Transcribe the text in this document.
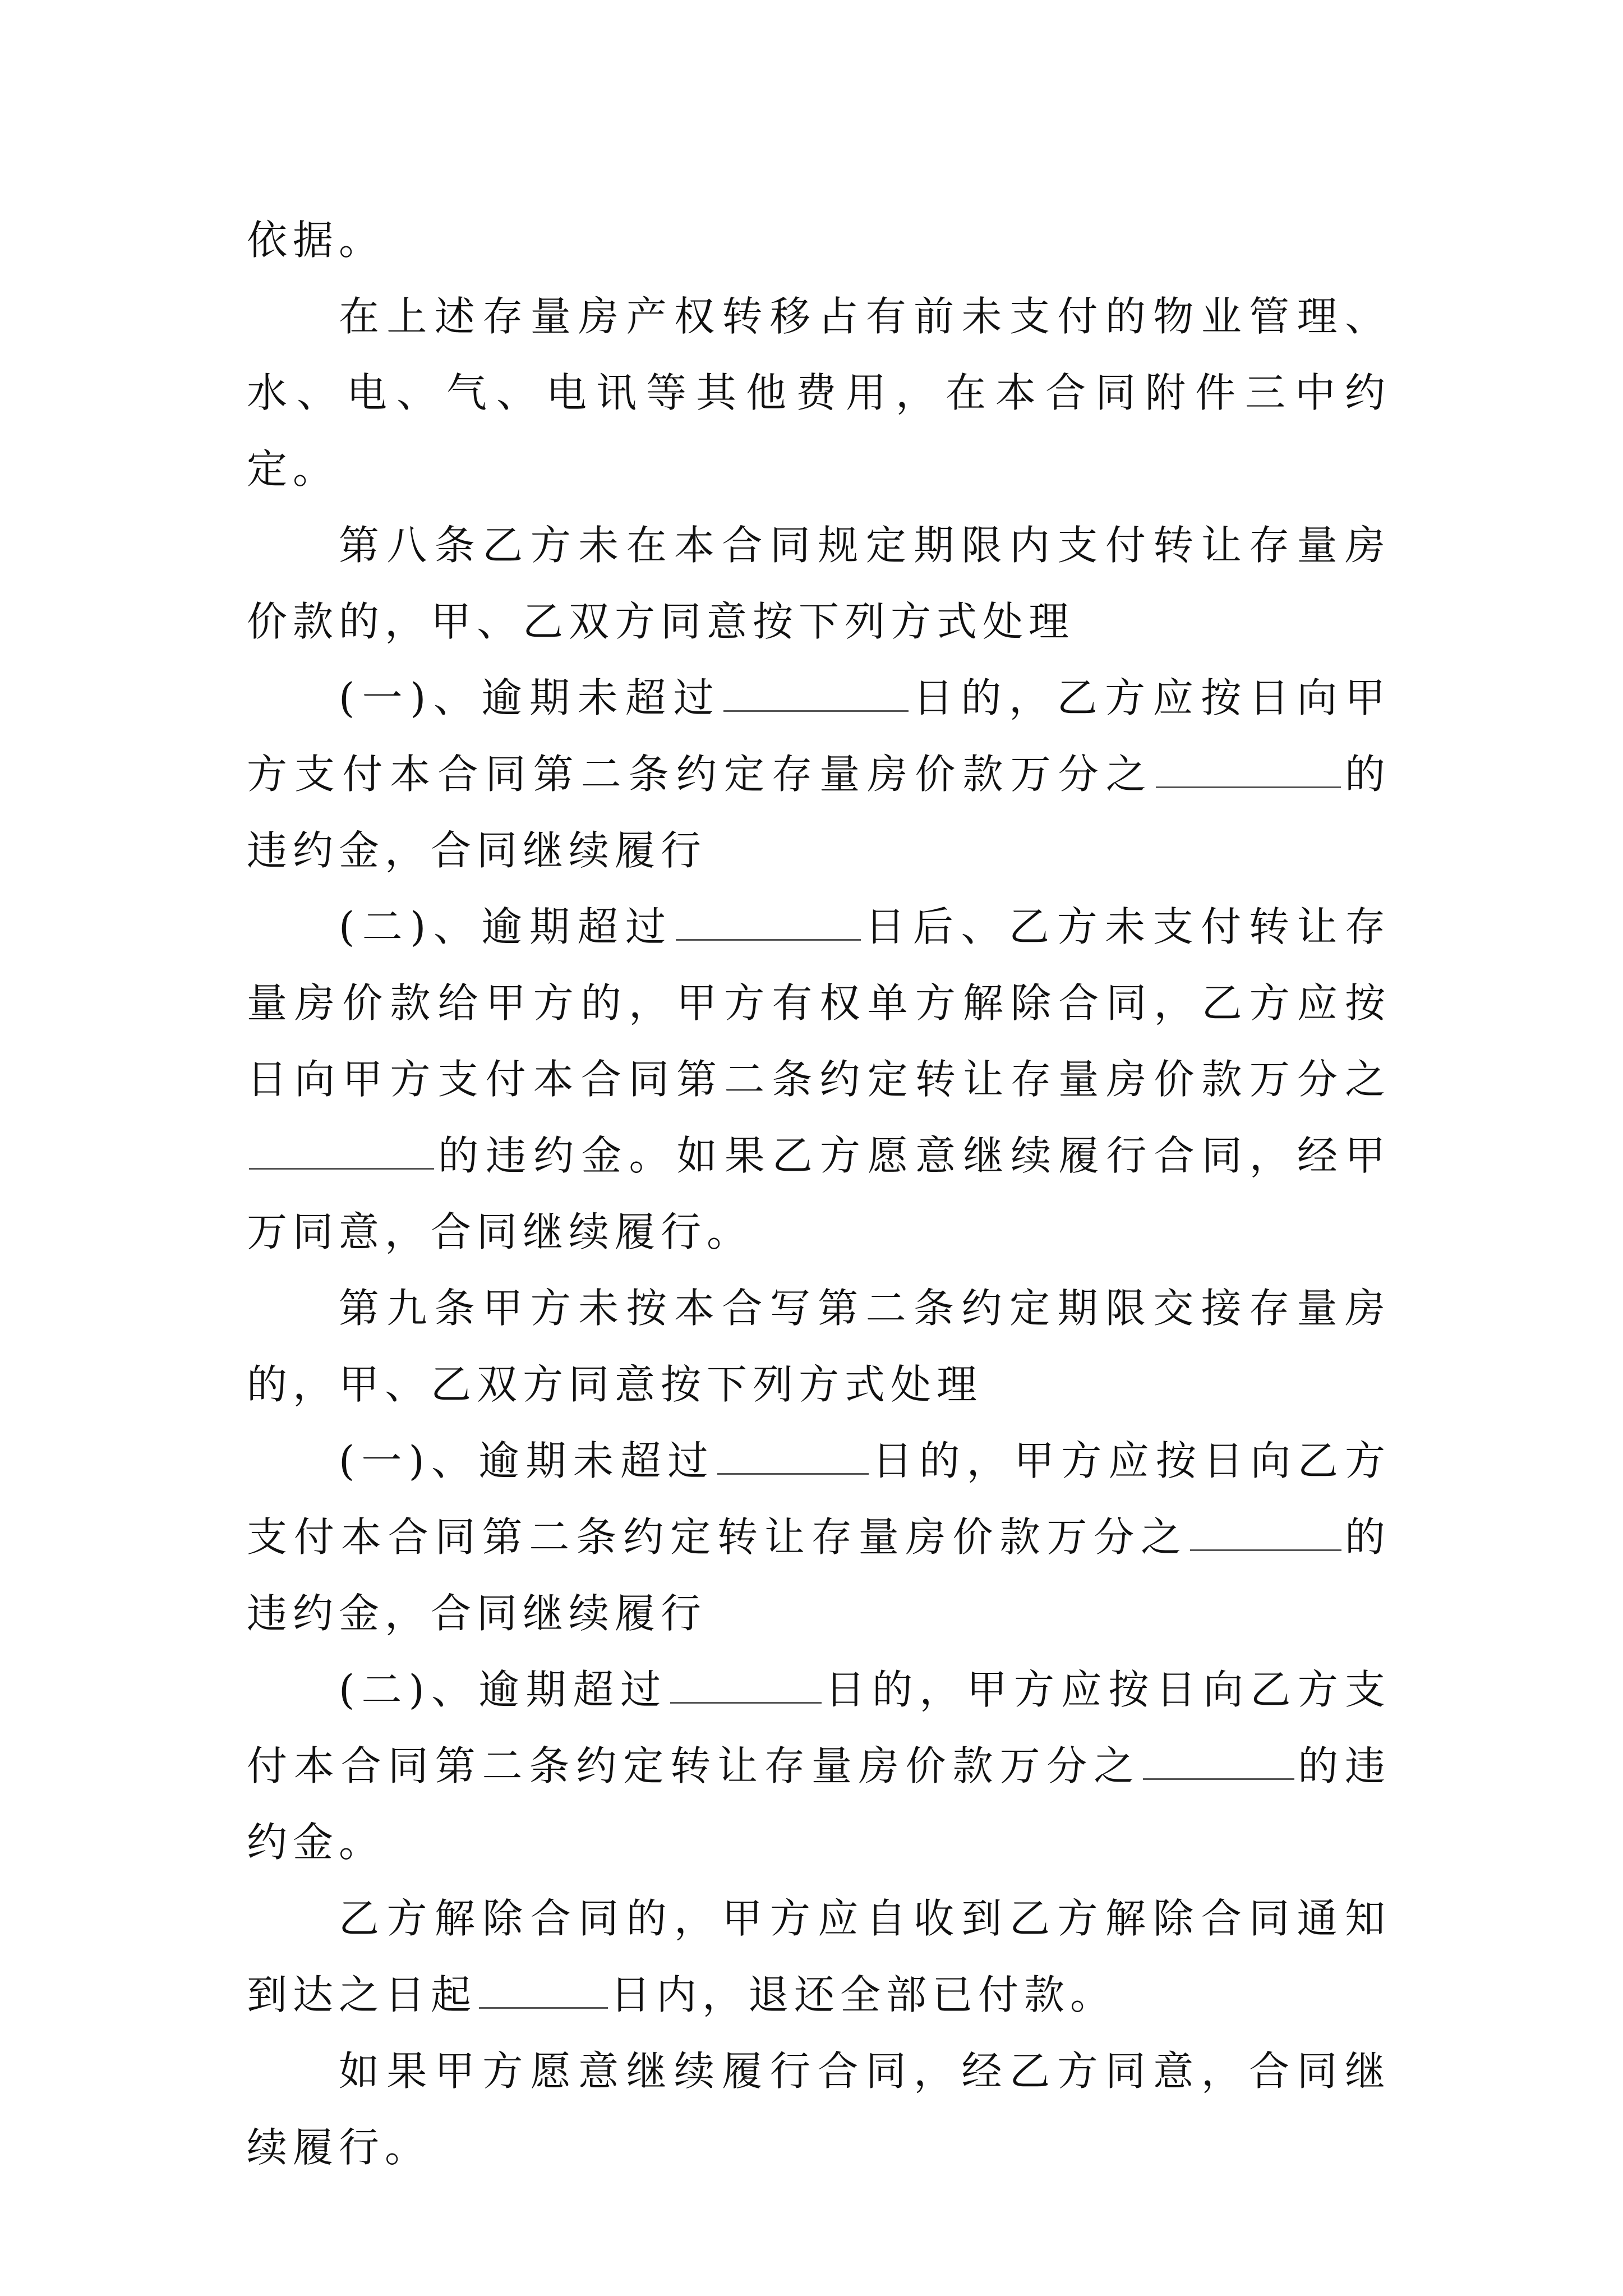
依据。

在上述存量房产权转移占有前未支付的物业管理、水、电、气、电讯等其他费用，在本合同附件三中约定。

第八条乙方未在本合同规定期限内支付转让存量房价款的，甲、乙双方同意按下列方式处理

(一)、逾期未超过	日的，乙方应按日向甲方支付本合同第二条约定存量房价款万分之	的违约金，合同继续履行

(二)、逾期超过	日后、乙方未支付转让存量房价款给甲方的，甲方有权单方解除合同，乙方应按日向甲方支付本合同第二条约定转让存量房价款万分之的违约金。如果乙方愿意继续履行合同，经甲万同意，合同继续履行。

第九条甲方未按本合写第二条约定期限交接存量房的，甲、乙双方同意按下列方式处理

(一)、逾期未超过	日的，甲方应按日向乙方支付本合同第二条约定转让存量房价款万分之	的违约金，合同继续履行

(二)、逾期超过	日的，甲方应按日向乙方支付本合同第二条约定转让存量房价款万分之	的违约金。

乙方解除合同的，甲方应自收到乙方解除合同通知到达之日起	日内，退还全部已付款。

如果甲方愿意继续履行合同，经乙方同意，合同继续履行。
